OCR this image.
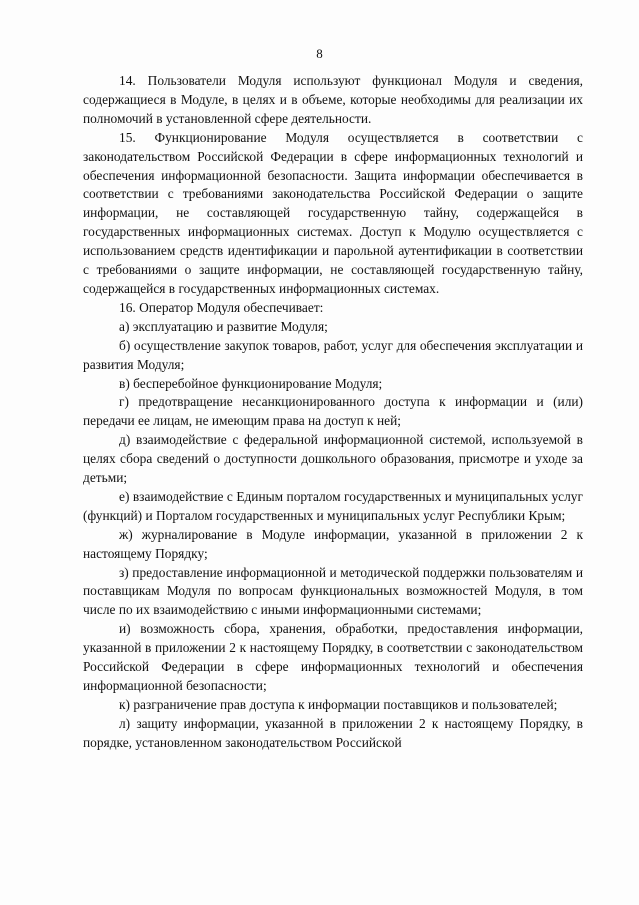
8

14. Пользователи Модуля используют функционал Модуля и сведения, содержащиеся в Модуле, в целях и в объеме, которые необходимы для реализации их полномочий в установленной сфере деятельности.

15. Функционирование Модуля осуществляется в соответствии с законодательством Российской Федерации в сфере информационных технологий и обеспечения информационной безопасности. Защита информации обеспечивается в соответствии с требованиями законодательства Российской Федерации о защите информации, не составляющей государственную тайну, содержащейся в государственных информационных системах. Доступ к Модулю осуществляется с использованием средств идентификации и парольной аутентификации в соответствии с требованиями о защите информации, не составляющей государственную тайну, содержащейся в государственных информационных системах.

16. Оператор Модуля обеспечивает:

а) эксплуатацию и развитие Модуля;

б) осуществление закупок товаров, работ, услуг для обеспечения эксплуатации и развития Модуля;

в) бесперебойное функционирование Модуля;

г) предотвращение несанкционированного доступа к информации и (или) передачи ее лицам, не имеющим права на доступ к ней;

д) взаимодействие с федеральной информационной системой, используемой в целях сбора сведений о доступности дошкольного образования, присмотре и уходе за детьми;

е) взаимодействие с Единым порталом государственных и муниципальных услуг (функций) и Порталом государственных и муниципальных услуг Республики Крым;

ж) журналирование в Модуле информации, указанной в приложении 2 к настоящему Порядку;

з) предоставление информационной и методической поддержки пользователям и поставщикам Модуля по вопросам функциональных возможностей Модуля, в том числе по их взаимодействию с иными информационными системами;

и) возможность сбора, хранения, обработки, предоставления информации, указанной в приложении 2 к настоящему Порядку, в соответствии с законодательством Российской Федерации в сфере информационных технологий и обеспечения информационной безопасности;

к) разграничение прав доступа к информации поставщиков и пользователей;

л) защиту информации, указанной в приложении 2 к настоящему Порядку, в порядке, установленном законодательством Российской
